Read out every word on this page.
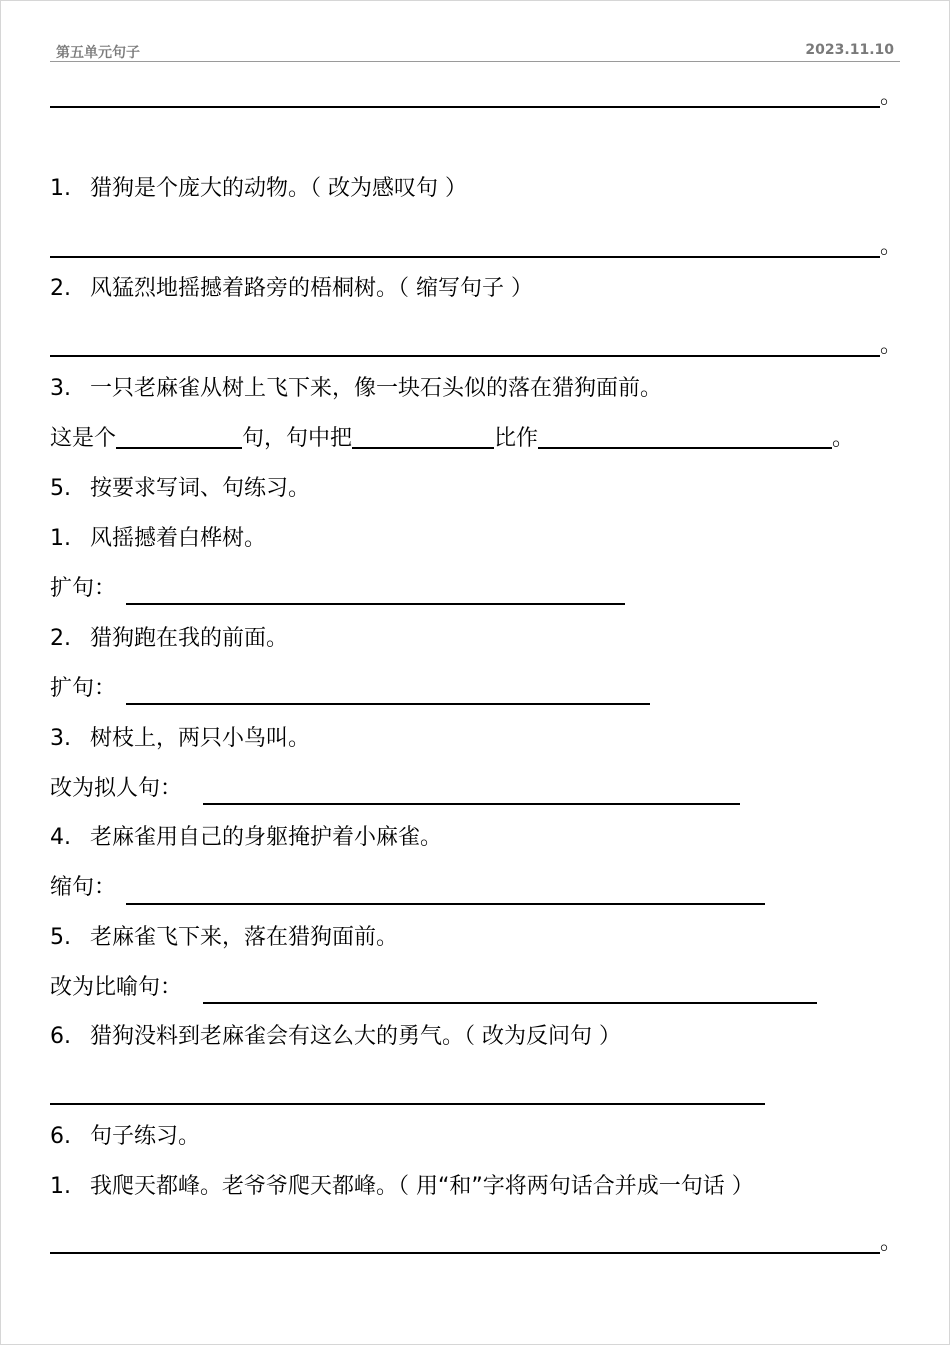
第五单元句子	2023.11.10
。
1. 猎狗是个庞大的动物。（ 改为感叹句 ）
。
2. 风猛烈地摇撼着路旁的梧桐树。（ 缩写句子 ）
。
3. 一只老麻雀从树上飞下来，像一块石头似的落在猎狗面前。
这是个	句，句中把	比作	。
5. 按要求写词、句练习。
1. 风摇撼着白桦树。
扩句：
2. 猎狗跑在我的前面。
扩句：
3. 树枝上，两只小鸟叫。
改为拟人句：
4. 老麻雀用自己的身躯掩护着小麻雀。
缩句：
5. 老麻雀飞下来，落在猎狗面前。
改为比喻句：
6. 猎狗没料到老麻雀会有这么大的勇气。（ 改为反问句 ）
6. 句子练习。
1. 我爬天都峰。老爷爷爬天都峰。（ 用“和”字将两句话合并成一句话 ）
。
